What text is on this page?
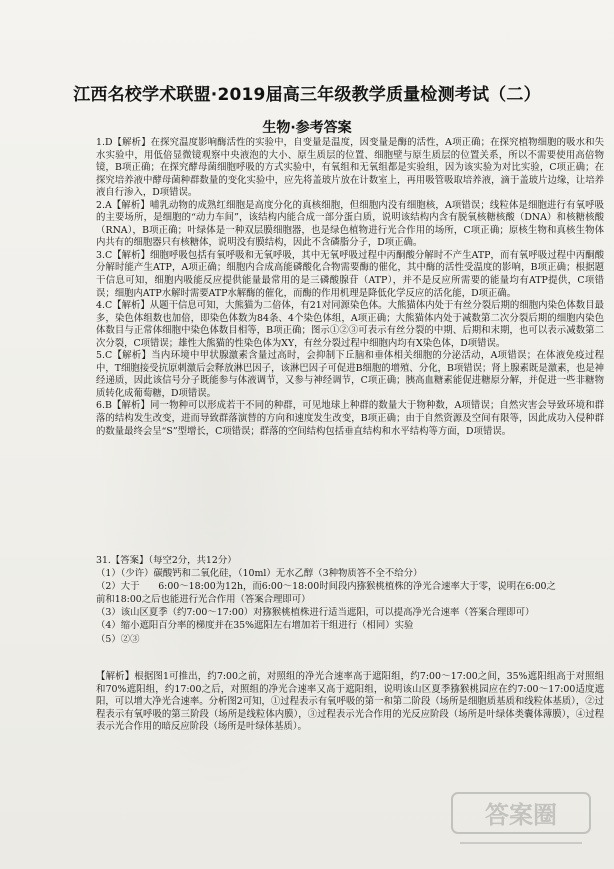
江西名校学术联盟·2019届高三年级教学质量检测考试（二）
生物·参考答案

1.D【解析】在探究温度影响酶活性的实验中，自变量是温度，因变量是酶的活性，A项正确；在探究植物细胞的吸水和失水实验中，用低倍显微镜观察中央液泡的大小、原生质层的位置、细胞壁与原生质层的位置关系，所以不需要使用高倍物镜，B项正确；在探究酵母菌细胞呼吸的方式实验中，有氧组和无氧组都是实验组，因为该实验为对比实验，C项正确；在探究培养液中酵母菌种群数量的变化实验中，应先将盖玻片放在计数室上，再用吸管吸取培养液，滴于盖玻片边缘，让培养液自行渗入，D项错误。

2.A【解析】哺乳动物的成熟红细胞是高度分化的真核细胞，但细胞内没有细胞核，A项错误；线粒体是细胞进行有氧呼吸的主要场所，是细胞的“动力车间”，该结构内能合成一部分蛋白质，说明该结构内含有脱氧核糖核酸（DNA）和核糖核酸（RNA），B项正确；叶绿体是一种双层膜细胞器，也是绿色植物进行光合作用的场所，C项正确；原核生物和真核生物体内共有的细胞器只有核糖体，说明没有膜结构，因此不含磷脂分子，D项正确。

3.C【解析】细胞呼吸包括有氧呼吸和无氧呼吸，其中无氧呼吸过程中丙酮酸分解时不产生ATP，而有氧呼吸过程中丙酮酸分解时能产生ATP，A项正确；细胞内合成高能磷酸化合物需要酶的催化，其中酶的活性受温度的影响，B项正确；根据题干信息可知，细胞内吸能反应提供能量最常用的是三磷酸腺苷（ATP），并不是反应所需要的能量均有ATP提供，C项错误；细胞内ATP水解时需要ATP水解酶的催化，而酶的作用机理是降低化学反应的活化能，D项正确。

4.C【解析】从题干信息可知，大熊猫为二倍体，有21对同源染色体。大熊猫体内处于有丝分裂后期的细胞内染色体数目最多，染色体组数也加倍，即染色体数为84条、4个染色体组，A项正确；大熊猫体内处于减数第二次分裂后期的细胞内染色体数目与正常体细胞中染色体数目相等，B项正确；图示①②③可表示有丝分裂的中期、后期和末期，也可以表示减数第二次分裂，C项错误；雄性大熊猫的性染色体为XY，有丝分裂过程中细胞内均有X染色体，D项错误。

5.C【解析】当内环境中甲状腺激素含量过高时，会抑制下丘脑和垂体相关细胞的分泌活动，A项错误；在体液免疫过程中，T细胞接受抗原刺激后会释放淋巴因子，该淋巴因子可促进B细胞的增殖、分化，B项错误；肾上腺素既是激素，也是神经递质，因此该信号分子既能参与体液调节，又参与神经调节，C项正确；胰高血糖素能促进糖原分解，并促进一些非糖物质转化成葡萄糖，D项错误。

6.B【解析】同一物种可以形成若干不同的种群，可见地球上种群的数量大于物种数，A项错误；自然灾害会导致环境和群落的结构发生改变，进而导致群落演替的方向和速度发生改变，B项正确；由于自然资源及空间有限等，因此成功入侵种群的数量最终会呈“S”型增长，C项错误；群落的空间结构包括垂直结构和水平结构等方面，D项错误。

31.【答案】（每空2分，共12分）
（1）（少许）碳酸钙和二氧化硅，（10ml）无水乙醇（3种物质答不全不给分）
（2）大于　　6:00～18:00为12h，而6:00～18:00时间段内猕猴桃植株的净光合速率大于零，说明在6:00之
前和18:00之后也能进行光合作用（答案合理即可）
（3）该山区夏季（约7:00～17:00）对猕猴桃植株进行适当遮阳，可以提高净光合速率（答案合理即可）
（4）缩小遮阳百分率的梯度并在35%遮阳左右增加若干组进行（相同）实验
（5）②③
【解析】根据图1可推出，约7:00之前，对照组的净光合速率高于遮阳组，约7:00～17:00之间，35%遮阳组高于对照组和70%遮阳组，约17:00之后，对照组的净光合速率又高于遮阳组，说明该山区夏季猕猴桃园应在约7:00～17:00适度遮阳，可以增大净光合速率。分析图2可知，①过程表示有氧呼吸的第一和第二阶段（场所是细胞质基质和线粒体基质），②过程表示有氧呼吸的第三阶段（场所是线粒体内膜），③过程表示光合作用的光反应阶段（场所是叶绿体类囊体薄膜），④过程表示光合作用的暗反应阶段（场所是叶绿体基质）。
答案圈
